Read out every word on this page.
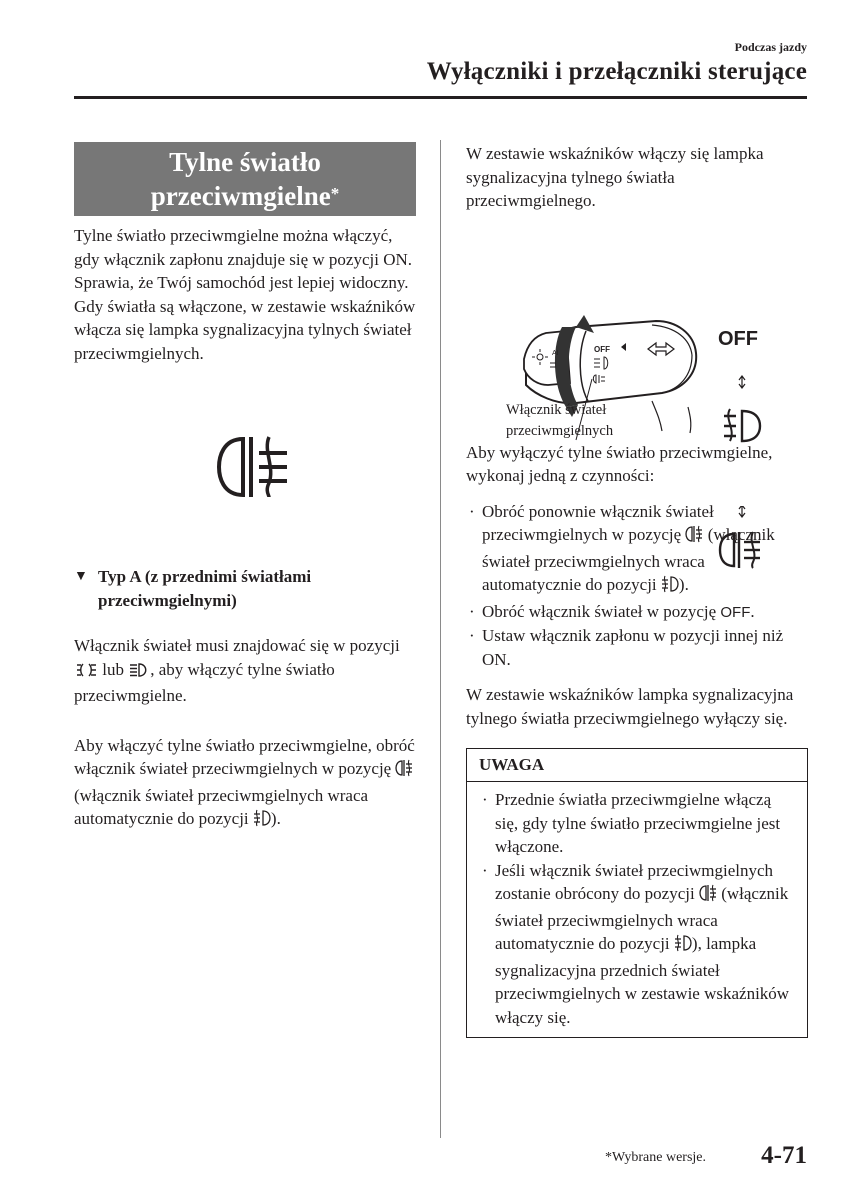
Podczas jazdy
Wyłączniki i przełączniki sterujące
Tylne światło
przeciwmgielne*

Tylne światło przeciwmgielne można włączyć, gdy włącznik zapłonu znajduje się w pozycji ON.

Sprawia, że Twój samochód jest lepiej widoczny.

Gdy światła są włączone, w zestawie wskaźników włącza się lampka sygnalizacyjna tylnych świateł przeciwmgielnych.

▼ Typ A (z przednimi światłami przeciwmgielnymi)

Włącznik świateł musi znajdować się w pozycji  lub , aby włączyć tylne światło przeciwmgielne.

Aby włączyć tylne światło przeciwmgielne, obróć włącznik świateł przeciwmgielnych w pozycję  (włącznik świateł przeciwmgielnych wraca automatycznie do pozycji ).

W zestawie wskaźników włączy się lampka sygnalizacyjna tylnego światła przeciwmgielnego.

OFF
AI
OFF
Włącznik świateł
przeciwmgielnych

Aby wyłączyć tylne światło przeciwmgielne, wykonaj jedną z czynności:

· Obróć ponownie włącznik świateł przeciwmgielnych w pozycję  (włącznik świateł przeciwmgielnych wraca automatycznie do pozycji ).
· Obróć włącznik świateł w pozycję OFF.
· Ustaw włącznik zapłonu w pozycji innej niż ON.

W zestawie wskaźników lampka sygnalizacyjna tylnego światła przeciwmgielnego wyłączy się.

UWAGA
· Przednie światła przeciwmgielne włączą się, gdy tylne światło przeciwmgielne jest włączone.
· Jeśli włącznik świateł przeciwmgielnych zostanie obrócony do pozycji  (włącznik świateł przeciwmgielnych wraca automatycznie do pozycji ), lampka sygnalizacyjna przednich świateł przeciwmgielnych w zestawie wskaźników włączy się.
*Wybrane wersje. 4-71
